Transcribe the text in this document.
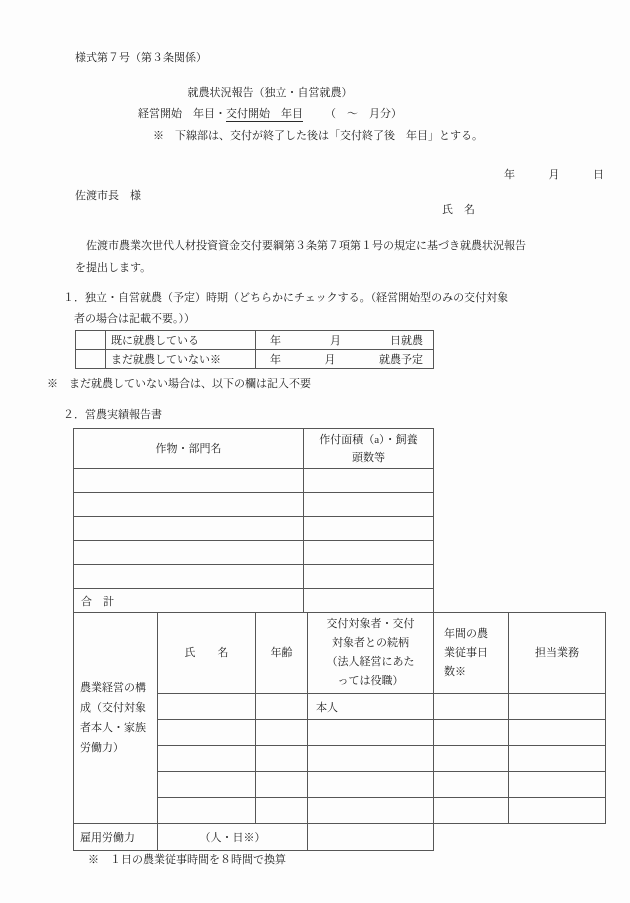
様式第７号（第３条関係）
就農状況報告（独立・自営就農）
経営開始　年目・交付開始　年目 （　～　月分）
※　下線部は、交付が終了した後は「交付終了後　年目」とする。
年	月	日
佐渡市長　様
氏　名
佐渡市農業次世代人材投資資金交付要綱第３条第７項第１号の規定に基づき就農状況報告を提出します。
１．独立・自営就農（予定）時期（どちらかにチェックする。（経営開始型のみの交付対象
者の場合は記載不要。））
	既に就農している	年 月 日就農

	まだ就農していない※	年 月 就農予定
※　まだ就農していない場合は、以下の欄は記入不要
２．営農実績報告書
作物・部門名	作付面積（a）・飼養頭数等

合　計	
農業経営の構成（交付対象者本人・家族労働力）	氏　　名	年齢	交付対象者・交付対象者との続柄（法人経営にあたっては役職）	年間の農業従事日数※	担当業務
			本人		

雇用労働力	（人・日※）				
※　１日の農業従事時間を８時間で換算
